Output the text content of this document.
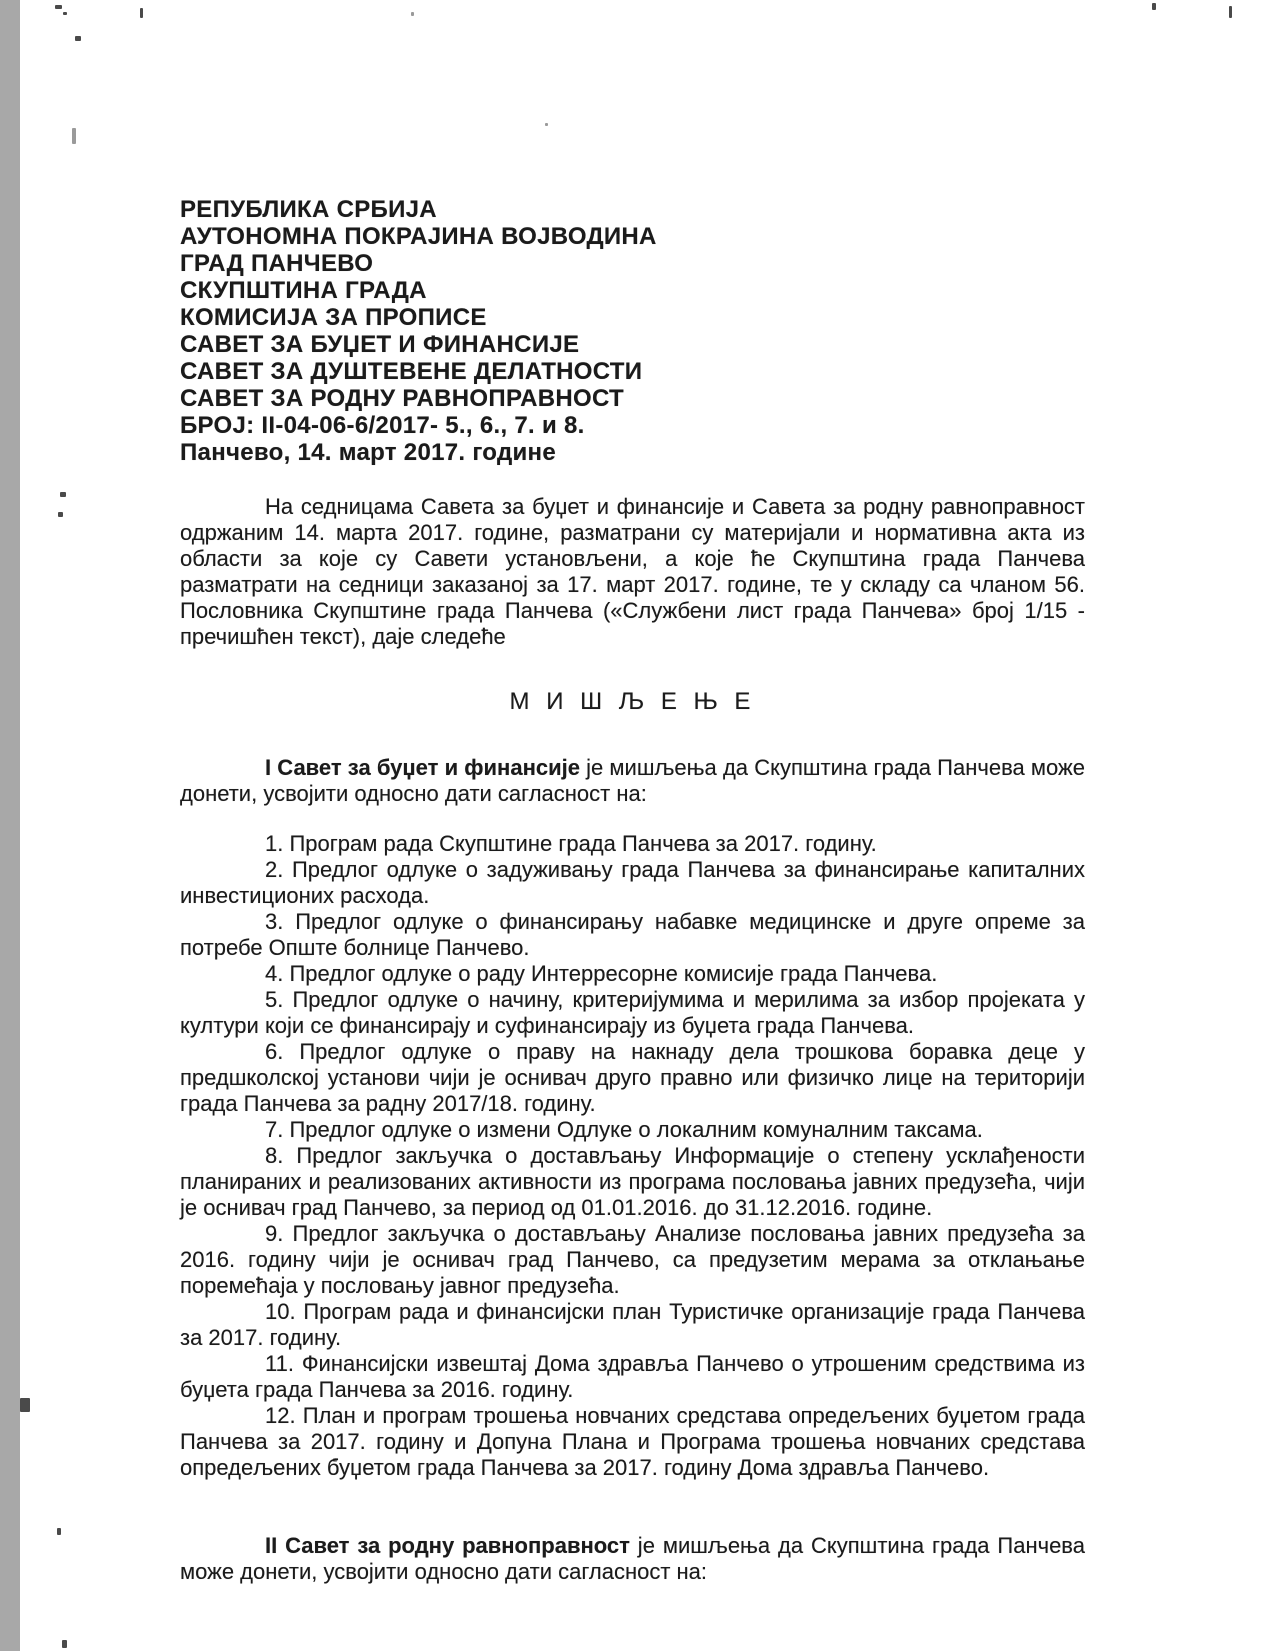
РЕПУБЛИКА СРБИЈА
АУТОНОМНА ПОКРАЈИНА ВОЈВОДИНА
ГРАД ПАНЧЕВО
СКУПШТИНА ГРАДА
КОМИСИЈА ЗА ПРОПИСЕ
САВЕТ ЗА БУЏЕТ И ФИНАНСИЈЕ
САВЕТ ЗА ДУШТЕВЕНЕ ДЕЛАТНОСТИ
САВЕТ ЗА РОДНУ РАВНОПРАВНОСТ
БРОЈ: II-04-06-6/2017- 5., 6., 7. и 8.
Панчево, 14. март 2017. године

На седницама Савета за буџет и финансије и Савета за родну равноправност одржаним 14. марта 2017. године, разматрани су материјали и нормативна акта из области за које су Савети установљени, а које ће Скупштина града Панчева разматрати на седници заказаној за 17. март 2017. године, те у складу са чланом 56. Пословника Скупштине града Панчева («Службени лист града Панчева» број 1/15 - пречишћен текст), даје следеће

М И Ш Љ Е Њ Е

I Савет за буџет и финансије је мишљења да Скупштина града Панчева може донети, усвојити односно дати сагласност на:

1. Програм рада Скупштине града Панчева за 2017. годину.

2. Предлог одлуке о задуживању града Панчева за финансирање капиталних инвестиционих расхода.

3. Предлог одлуке о финансирању набавке медицинске и друге опреме за потребе Опште болнице Панчево.

4. Предлог одлуке о раду Интерресорне комисије града Панчева.

5. Предлог одлуке о начину, критеријумима и мерилима за избор пројеката у култури који се финансирају и суфинансирају из буџета града Панчева.

6. Предлог одлуке о праву на накнаду дела трошкова боравка деце у предшколској установи чији је оснивач друго правно или физичко лице на територији града Панчева за радну 2017/18. годину.

7. Предлог одлуке о измени Одлуке о локалним комуналним таксама.

8. Предлог закључка о достављању Информације о степену усклађености планираних и реализованих активности из програма пословања јавних предузећа, чији је оснивач град Панчево, за период од 01.01.2016. до 31.12.2016. године.

9. Предлог закључка о достављању Анализе пословања јавних предузећа за 2016. годину чији је оснивач град Панчево, са предузетим мерама за отклањање поремећаја у пословању јавног предузећа.

10. Програм рада и финансијски план Туристичке организације града Панчева за 2017. годину.

11. Финансијски извештај Дома здравља Панчево о утрошеним средствима из буџета града Панчева за 2016. годину.

12. План и програм трошења новчаних средстава опредељених буџетом града Панчева за 2017. годину и Допуна Плана и Програма трошења новчаних средстава опредељених буџетом града Панчева за 2017. годину Дома здравља Панчево.

II Савет за родну равноправност је мишљења да Скупштина града Панчева може донети, усвојити односно дати сагласност на:
